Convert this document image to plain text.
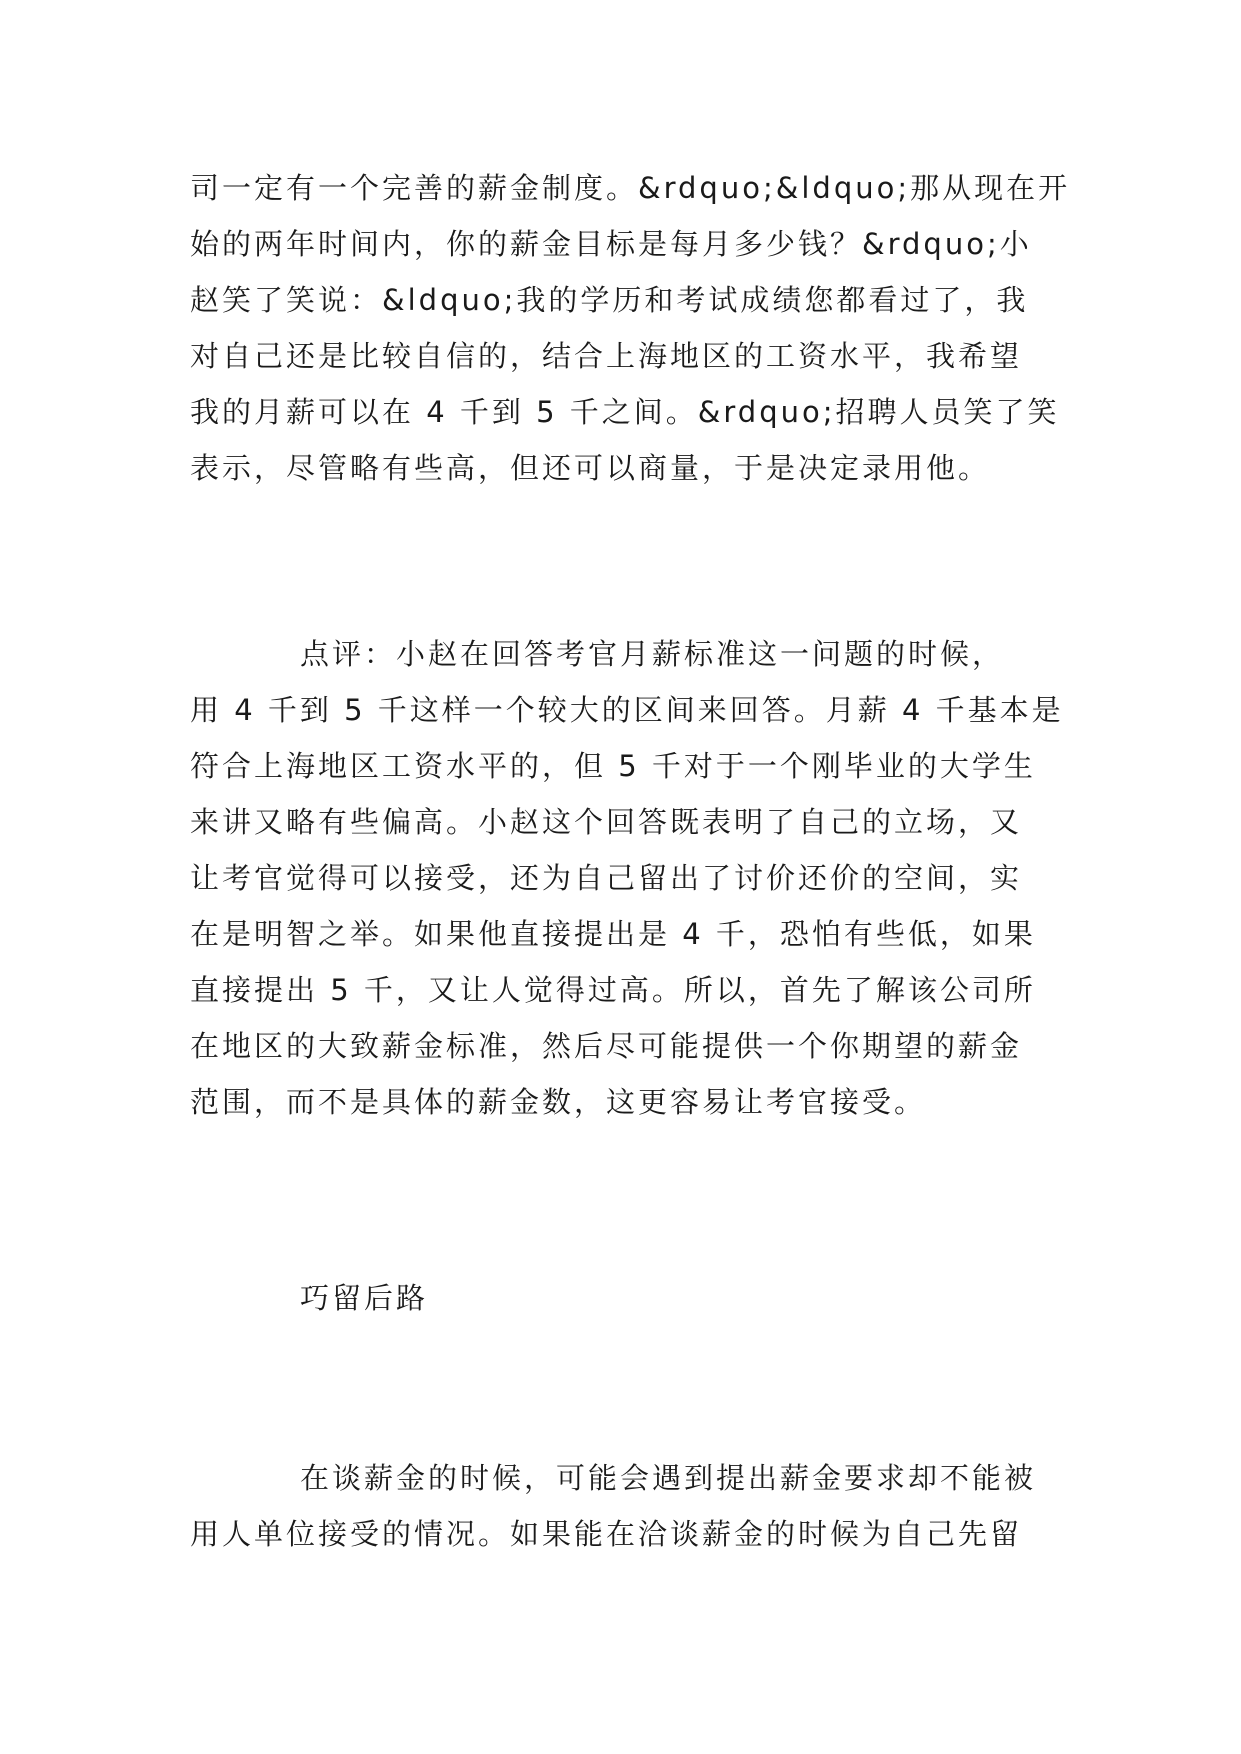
司一定有一个完善的薪金制度。&rdquo;&ldquo;那从现在开
始的两年时间内，你的薪金目标是每月多少钱？&rdquo;小
赵笑了笑说：&ldquo;我的学历和考试成绩您都看过了，我
对自己还是比较自信的，结合上海地区的工资水平，我希望
我的月薪可以在 4 千到 5 千之间。&rdquo;招聘人员笑了笑
表示，尽管略有些高，但还可以商量，于是决定录用他。
点评：小赵在回答考官月薪标准这一问题的时候，
用 4 千到 5 千这样一个较大的区间来回答。月薪 4 千基本是
符合上海地区工资水平的，但 5 千对于一个刚毕业的大学生
来讲又略有些偏高。小赵这个回答既表明了自己的立场，又
让考官觉得可以接受，还为自己留出了讨价还价的空间，实
在是明智之举。如果他直接提出是 4 千，恐怕有些低，如果
直接提出 5 千，又让人觉得过高。所以，首先了解该公司所
在地区的大致薪金标准，然后尽可能提供一个你期望的薪金
范围，而不是具体的薪金数，这更容易让考官接受。
巧留后路
在谈薪金的时候，可能会遇到提出薪金要求却不能被
用人单位接受的情况。如果能在洽谈薪金的时候为自己先留
